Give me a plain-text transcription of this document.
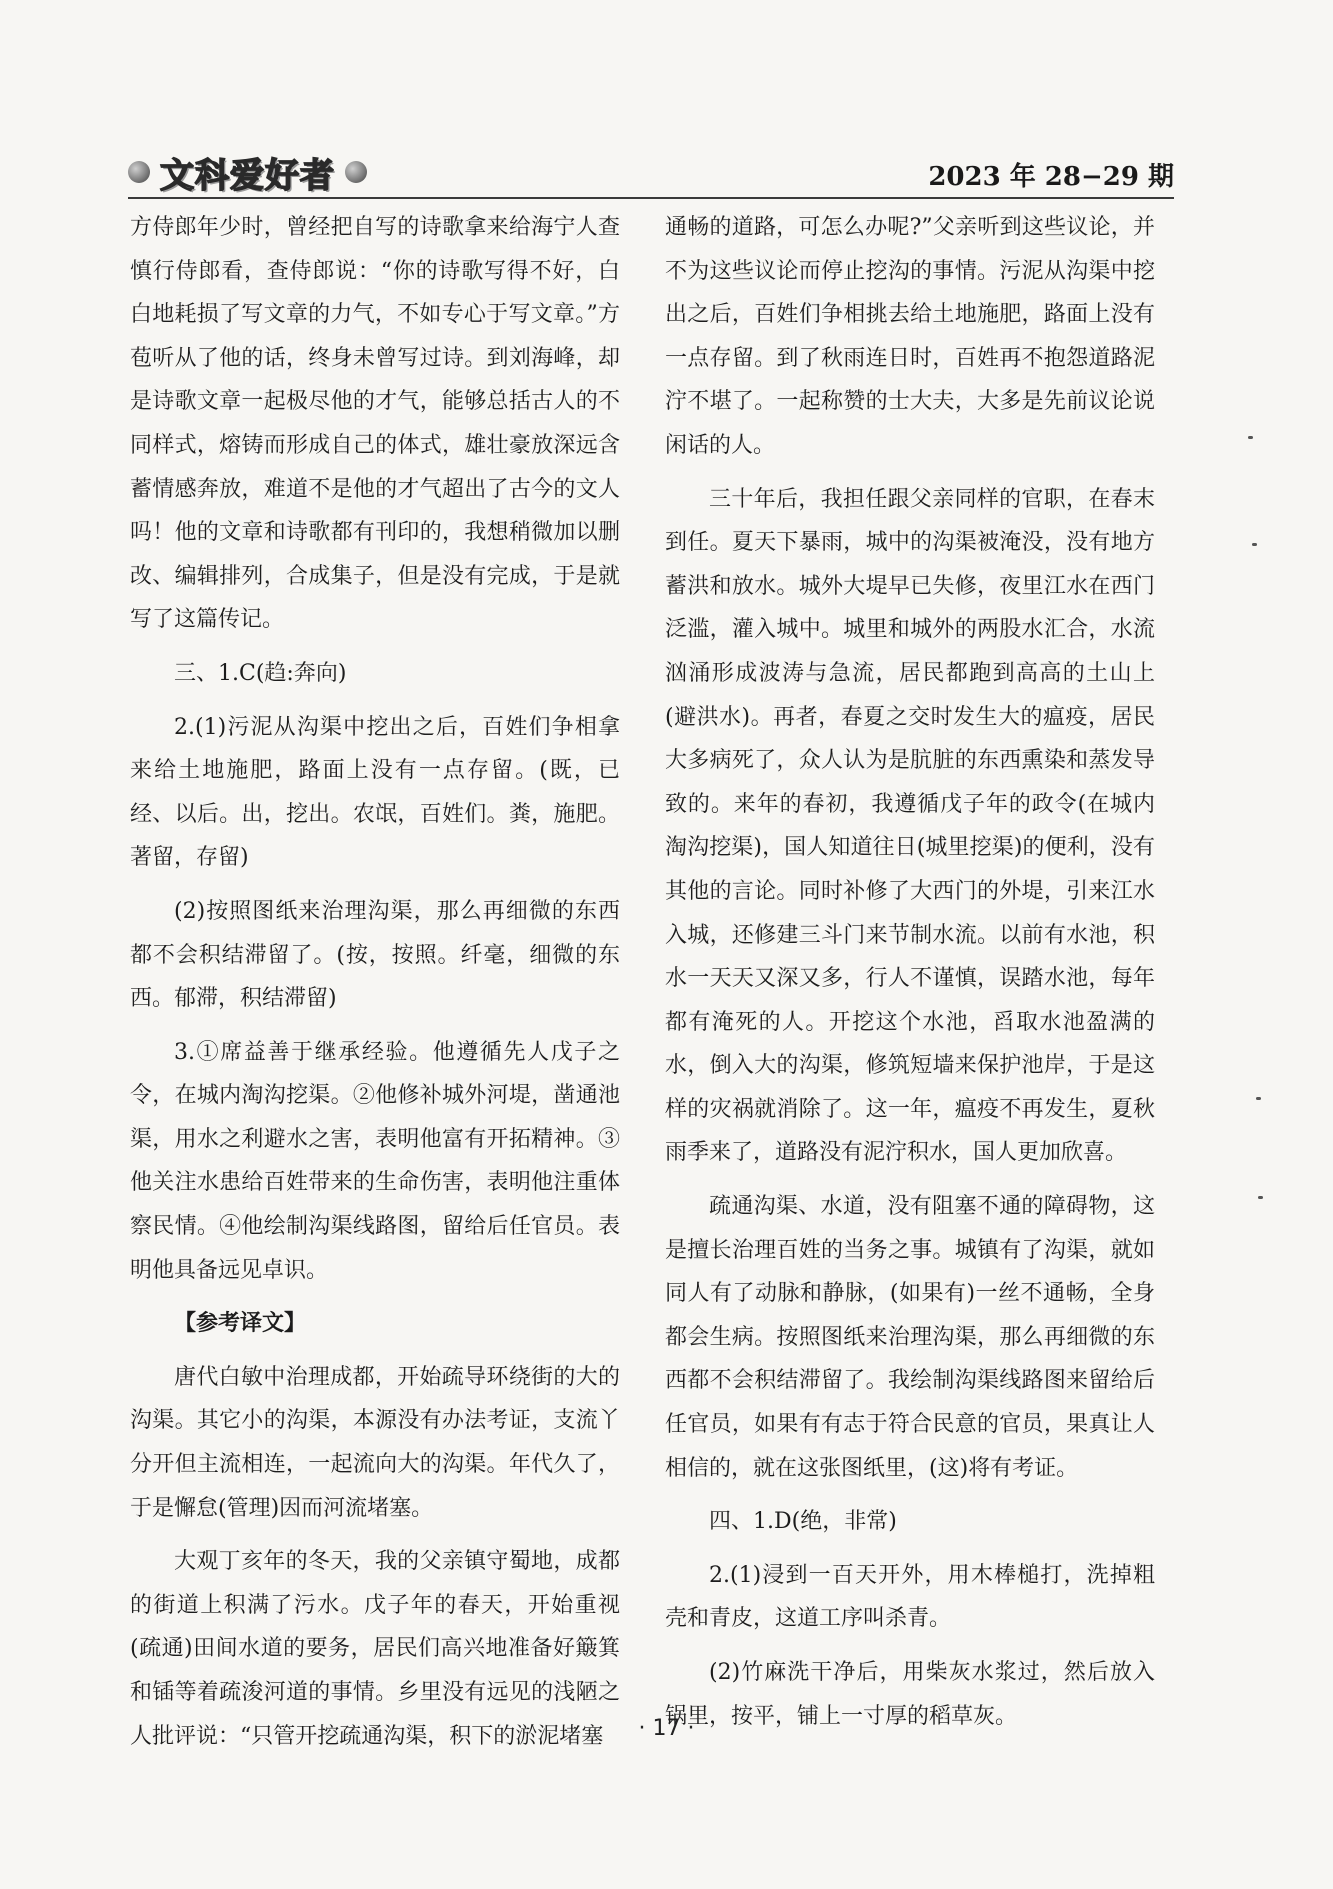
文科爱好者	2023 年 28−29 期

方侍郎年少时，曾经把自写的诗歌拿来给海宁人查慎行侍郎看，查侍郎说：“你的诗歌写得不好，白白地耗损了写文章的力气，不如专心于写文章。”方苞听从了他的话，终身未曾写过诗。到刘海峰，却是诗歌文章一起极尽他的才气，能够总括古人的不同样式，熔铸而形成自己的体式，雄壮豪放深远含蓄情感奔放，难道不是他的才气超出了古今的文人吗！他的文章和诗歌都有刊印的，我想稍微加以删改、编辑排列，合成集子，但是没有完成，于是就写了这篇传记。

三、1.C(趋:奔向)

2.(1)污泥从沟渠中挖出之后，百姓们争相拿来给土地施肥，路面上没有一点存留。(既，已经、以后。出，挖出。农氓，百姓们。粪，施肥。著留，存留)

(2)按照图纸来治理沟渠，那么再细微的东西都不会积结滞留了。(按，按照。纤毫，细微的东西。郁滞，积结滞留)

3.①席益善于继承经验。他遵循先人戊子之令，在城内淘沟挖渠。②他修补城外河堤，凿通池渠，用水之利避水之害，表明他富有开拓精神。③他关注水患给百姓带来的生命伤害，表明他注重体察民情。④他绘制沟渠线路图，留给后任官员。表明他具备远见卓识。

【参考译文】

唐代白敏中治理成都，开始疏导环绕街的大的沟渠。其它小的沟渠，本源没有办法考证，支流丫分开但主流相连，一起流向大的沟渠。年代久了，于是懈怠(管理)因而河流堵塞。

大观丁亥年的冬天，我的父亲镇守蜀地，成都的街道上积满了污水。戊子年的春天，开始重视(疏通)田间水道的要务，居民们高兴地准备好簸箕和锸等着疏浚河道的事情。乡里没有远见的浅陋之人批评说：“只管开挖疏通沟渠，积下的淤泥堵塞

通畅的道路，可怎么办呢?”父亲听到这些议论，并不为这些议论而停止挖沟的事情。污泥从沟渠中挖出之后，百姓们争相挑去给土地施肥，路面上没有一点存留。到了秋雨连日时，百姓再不抱怨道路泥泞不堪了。一起称赞的士大夫，大多是先前议论说闲话的人。

三十年后，我担任跟父亲同样的官职，在春末到任。夏天下暴雨，城中的沟渠被淹没，没有地方蓄洪和放水。城外大堤早已失修，夜里江水在西门泛滥，灌入城中。城里和城外的两股水汇合，水流汹涌形成波涛与急流，居民都跑到高高的土山上(避洪水)。再者，春夏之交时发生大的瘟疫，居民大多病死了，众人认为是肮脏的东西熏染和蒸发导致的。来年的春初，我遵循戊子年的政令(在城内淘沟挖渠)，国人知道往日(城里挖渠)的便利，没有其他的言论。同时补修了大西门的外堤，引来江水入城，还修建三斗门来节制水流。以前有水池，积水一天天又深又多，行人不谨慎，误踏水池，每年都有淹死的人。开挖这个水池，舀取水池盈满的水，倒入大的沟渠，修筑短墙来保护池岸，于是这样的灾祸就消除了。这一年，瘟疫不再发生，夏秋雨季来了，道路没有泥泞积水，国人更加欣喜。

疏通沟渠、水道，没有阻塞不通的障碍物，这是擅长治理百姓的当务之事。城镇有了沟渠，就如同人有了动脉和静脉，(如果有)一丝不通畅，全身都会生病。按照图纸来治理沟渠，那么再细微的东西都不会积结滞留了。我绘制沟渠线路图来留给后任官员，如果有有志于符合民意的官员，果真让人相信的，就在这张图纸里，(这)将有考证。

四、1.D(绝，非常)

2.(1)浸到一百天开外，用木棒槌打，洗掉粗壳和青皮，这道工序叫杀青。

(2)竹麻洗干净后，用柴灰水浆过，然后放入锅里，按平，铺上一寸厚的稻草灰。

· 17 ·
